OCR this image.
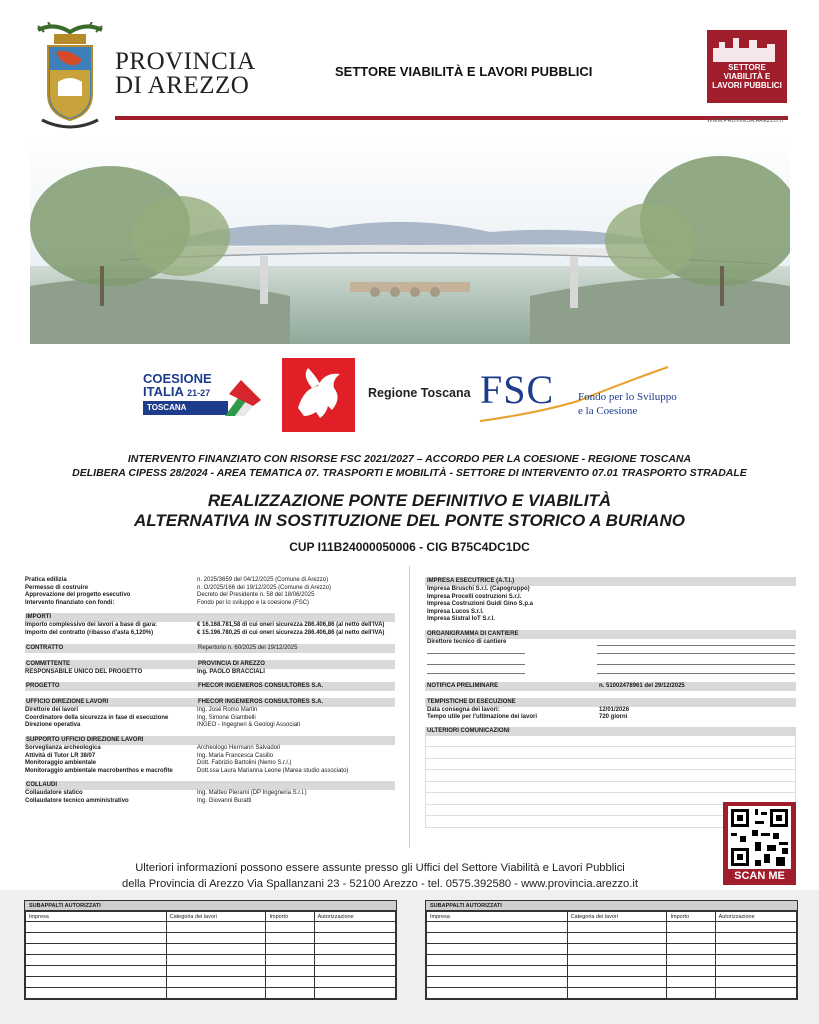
PROVINCIA
DI AREZZO
SETTORE VIABILITÀ E LAVORI PUBBLICI	SETTORE
VIABILITÀ E
LAVORI PUBBLICI
WWW.PROVINCIA.AREZZO.IT
COESIONE
ITALIA 21-27
TOSCANA
Regione Toscana FSC Fondo per lo Sviluppo
e la Coesione
INTERVENTO FINANZIATO CON RISORSE FSC 2021/2027 – ACCORDO PER LA COESIONE - REGIONE TOSCANA
DELIBERA CIPESS 28/2024 - AREA TEMATICA 07. TRASPORTI E MOBILITÀ - SETTORE DI INTERVENTO 07.01 TRASPORTO STRADALE
REALIZZAZIONE PONTE DEFINITIVO E VIABILITÀ
ALTERNATIVA IN SOSTITUZIONE DEL PONTE STORICO A BURIANO
CUP I11B24000050006 - CIG B75C4DC1DC
Pratica edilizia	n. 2025/3659 del 04/12/2025 (Comune di Arezzo)
Permesso di costruire	n. O/2025/166 del 19/12/2025 (Comune di Arezzo)
Approvazione del progetto esecutivo	Decreto del Presidente n. 58 del 18/06/2025
Intervento finanziato con fondi:	Fondo per lo sviluppo e la coesione (FSC)
IMPORTI
Importo complessivo dei lavori a base di gara:	€ 16.168.781,58 di cui oneri sicurezza 286.406,86 (al netto dell'IVA)
Importo del contratto (ribasso d'asta 6,120%)	€ 15.196.780,25 di cui oneri sicurezza 286.406,86 (al netto dell'IVA)
CONTRATTO	Repertorio n. 60/2025 del 19/12/2025
COMMITTENTE	PROVINCIA DI AREZZO
RESPONSABILE UNICO DEL PROGETTO	Ing. PAOLO BRACCIALI
PROGETTO	FHECOR INGENIEROS CONSULTORES S.A.
UFFICIO DIREZIONE LAVORI	FHECOR INGENIEROS CONSULTORES S.A.
Direttore dei lavori	Ing. José Romo Martin
Coordinatore della sicurezza in fase di esecuzione	Ing. Simone Giambelli
Direzione operativa	INGEO - Ingegneri & Geologi Associati
SUPPORTO UFFICIO DIREZIONE LAVORI
Sorveglianza archeologica	Archeologo Hermann Salvadori
Attività di Tutor LR 38/07	Ing. Maria Francesca Casillo
Monitoraggio ambientale	Dott. Fabrizio Bartolini (Nemo S.r.l.)
Monitoraggio ambientale macrobenthos e macrofite	Dott.ssa Laura Marianna Leone (Marea studio associato)
COLLAUDI
Collaudatore statico	Ing. Matteo Pierami (DP Ingegneria S.r.l.)
Collaudatore tecnico amministrativo	Ing. Giovanni Buratti
IMPRESA ESECUTRICE (A.T.I.)
Impresa Bruschi S.r.l. (Capogruppo)
Impresa Procelli costruzioni S.r.l.
Impresa Costruzioni Guidi Gino S.p.a
Impresa Lucos S.r.l.
Impresa Sistral IoT S.r.l.
ORGANIGRAMMA DI CANTIERE
Direttore tecnico di cantiere
NOTIFICA PRELIMINARE	n. 51002478961 del 29/12/2025
TEMPISTICHE DI ESECUZIONE
Data consegna dei lavori:	12/01/2026
Tempo utile per l'ultimazione dei lavori	720 giorni
ULTERIORI COMUNICAZIONI
SCAN ME
Ulteriori informazioni possono essere assunte presso gli Uffici del Settore Viabilità e Lavori Pubblici
della Provincia di Arezzo Via Spallanzani 23 - 52100 Arezzo - tel. 0575.392580 - www.provincia.arezzo.it
SUBAPPALTI AUTORIZZATI
Impresa	Categoria dei lavori	Importo	Autorizzazione

SUBAPPALTI AUTORIZZATI
Impresa	Categoria dei lavori	Importo	Autorizzazione
